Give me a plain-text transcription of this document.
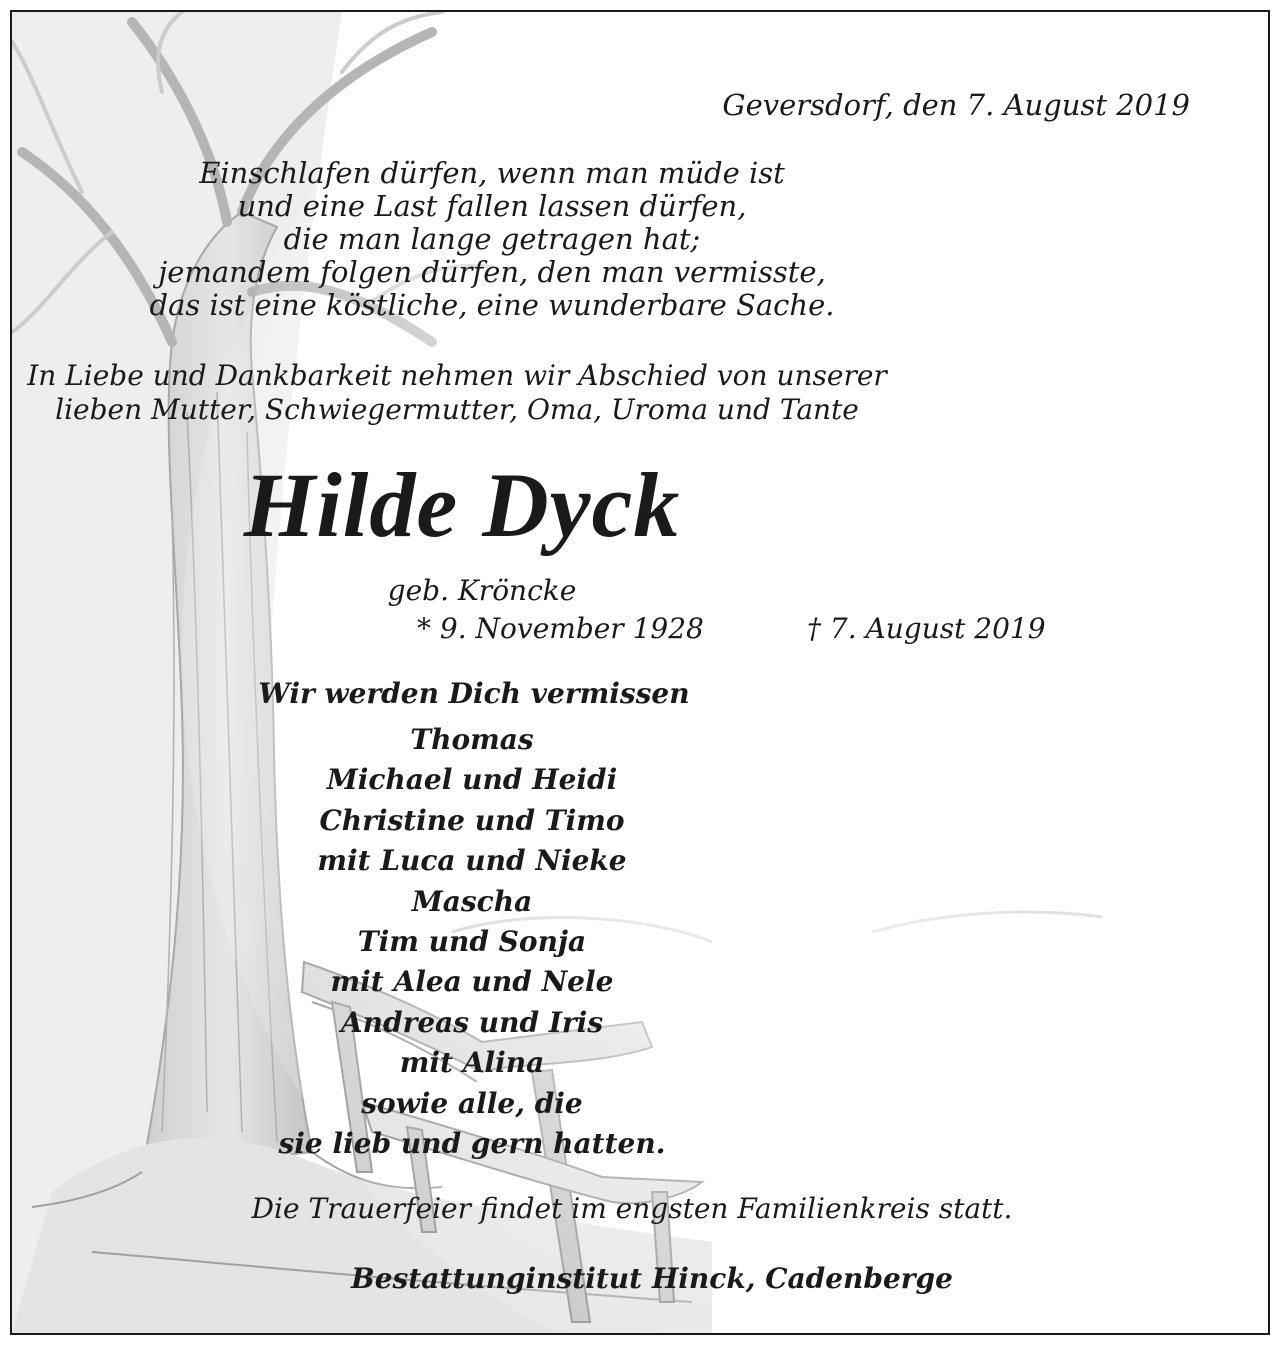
Geversdorf, den 7. August 2019
Einschlafen dürfen, wenn man müde ist
und eine Last fallen lassen dürfen,
die man lange getragen hat;
jemandem folgen dürfen, den man vermisste,
das ist eine köstliche, eine wunderbare Sache.
In Liebe und Dankbarkeit nehmen wir Abschied von unserer
lieben Mutter, Schwiegermutter, Oma, Uroma und Tante
Hilde Dyck
geb. Kröncke
* 9. November 1928	† 7. August 2019
Wir werden Dich vermissen
Thomas
Michael und Heidi
Christine und Timo
mit Luca und Nieke
Mascha
Tim und Sonja
mit Alea und Nele
Andreas und Iris
mit Alina
sowie alle, die
sie lieb und gern hatten.
Die Trauerfeier findet im engsten Familienkreis statt.
Bestattunginstitut Hinck, Cadenberge
